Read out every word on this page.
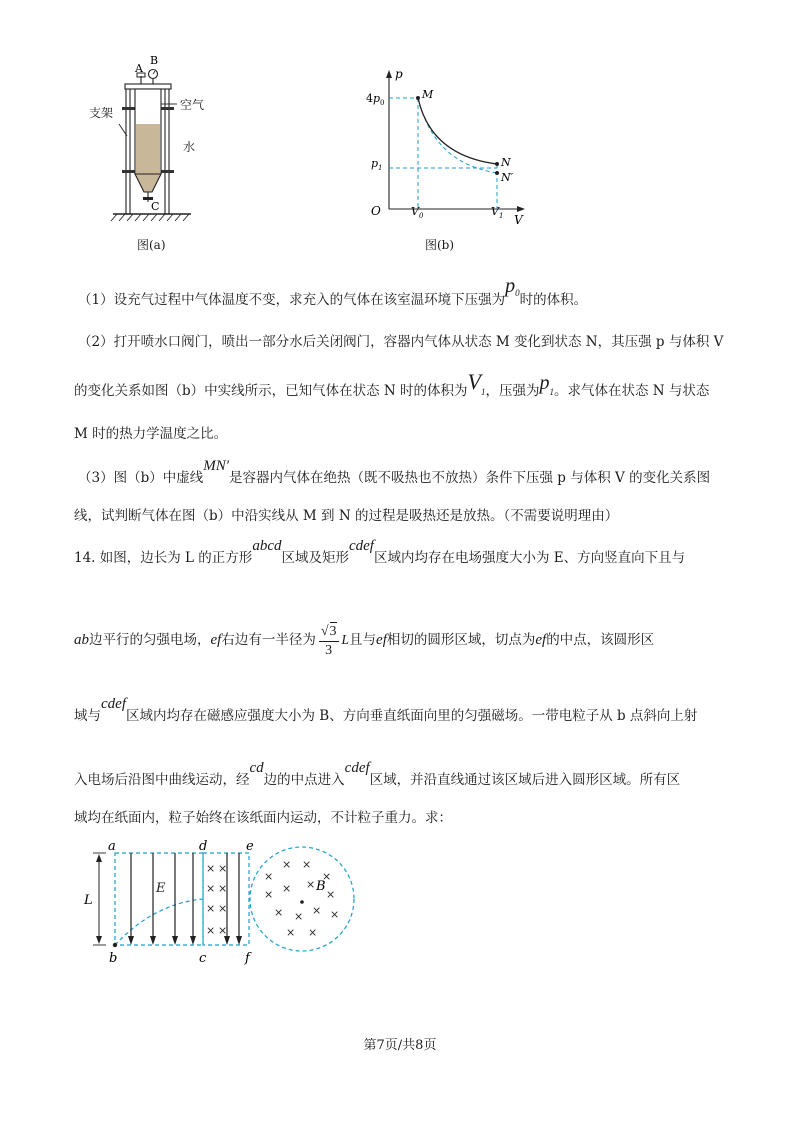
A
B
C
支架
空气
水
图(a)
p
V
O
$4p_0$
$p_1$
$V_0$	$V_1$
M
N
N′
图(b)
（1）设充气过程中气体温度不变，求充入的气体在该室温环境下压强为$p^0$时的体积。
（2）打开喷水口阀门，喷出一部分水后关闭阀门，容器内气体从状态 M 变化到状态 N，其压强 p 与体积 V
的变化关系如图（b）中实线所示，已知气体在状态 N 时的体积为V1，压强为p1。求气体在状态 N 与状态
M 时的热力学温度之比。
（3）图（b）中虚线MN′是容器内气体在绝热（既不吸热也不放热）条件下压强 p 与体积 V 的变化关系图
线，试判断气体在图（b）中沿实线从 M 到 N 的过程是吸热还是放热。（不需要说明理由）
14. 如图，边长为 L 的正方形abcd区域及矩形cdef区域内均存在电场强度大小为 E、方向竖直向下且与
ab边平行的匀强电场，ef右边有一半径为 $\frac{√3}{3}$ L且与ef相切的圆形区域，切点为ef的中点，该圆形区
域与cdef区域内均存在磁感应强度大小为 B、方向垂直纸面向里的匀强磁场。一带电粒子从 b 点斜向上射
入电场后沿图中曲线运动，经cd边的中点进入cdef区域，并沿直线通过该区域后进入圆形区域。所有区
域均在纸面内，粒子始终在该纸面内运动，不计粒子重力。求：
× ×
× ×
× ×
× ×
×
× ×
×
× × ×
×
× × × ×
× ×
a
b	c
d	e
f
E
L
B
第7页/共8页
